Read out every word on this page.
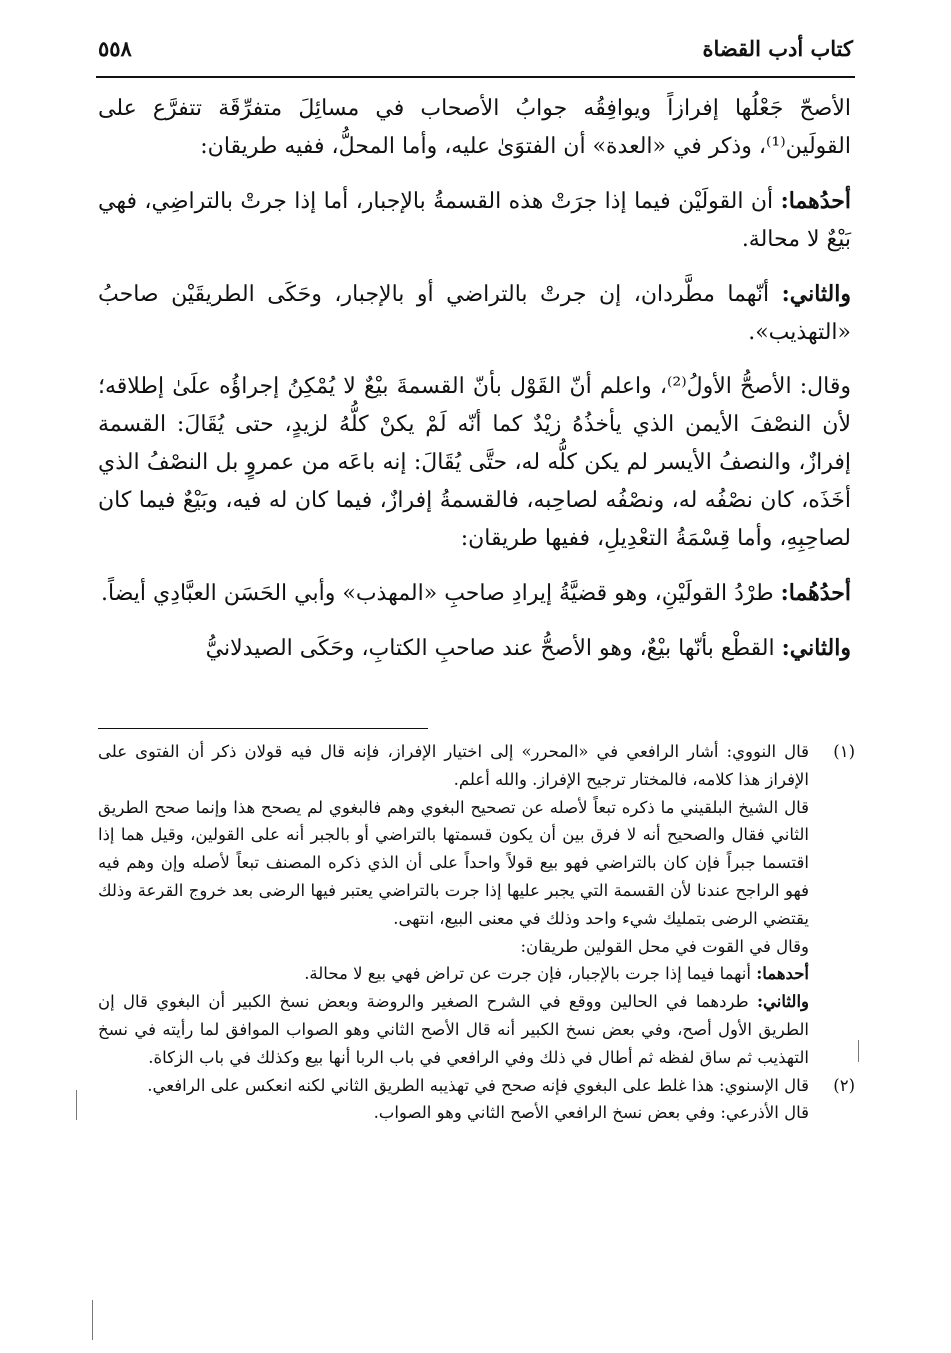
كتاب أدب القضاة
٥٥٨

الأصحّ جَعْلُها إفرازاً ويوافِقُه جوابُ الأصحاب في مسائِلَ متفرِّقَة تتفرَّع على القولَين⁽¹⁾، وذكر في «العدة» أن الفتوَىٰ عليه، وأما المحلُّ، ففيه طريقان:

أحدُهما: أن القولَيْن فيما إذا جرَتْ هذه القسمةُ بالإجبار، أما إذا جرتْ بالتراضِي، فهي بَيْعٌ لا محالة.

والثاني: أنّهما مطَّردان، إن جرتْ بالتراضي أو بالإجبار، وحَكَى الطريقَيْن صاحبُ «التهذيب».

وقال: الأصحُّ الأولُ⁽²⁾، واعلم أنّ القَوْل بأنّ القسمةَ بيْعٌ لا يُمْكِنُ إجراؤُه علَىٰ إطلاقه؛ لأن النصْفَ الأيمن الذي يأخذُهُ زيْدٌ كما أنّه لَمْ يكنْ كلُّهُ لزيدٍ، حتى يُقَالَ: القسمة إفرازٌ، والنصفُ الأيسر لم يكن كلُّه له، حتَّى يُقَالَ: إنه باعَه من عمروٍ بل النصْفُ الذي أخَذَه، كان نصْفُه له، ونصْفُه لصاحِبه، فالقسمةُ إفرازٌ، فيما كان له فيه، وبَيْعٌ فيما كان لصاحِبِهِ، وأما قِسْمَةُ التعْدِيلِ، ففيها طريقان:

أحدُهُما: طرْدُ القولَيْنِ، وهو قضيَّةُ إيرادِ صاحبِ «المهذب» وأبي الحَسَن العبَّادِي أيضاً.

والثاني: القطْع بأنّها بيْعٌ، وهو الأصحُّ عند صاحبِ الكتابِ، وحَكَى الصيدلانيُّ

(١)

قال النووي: أشار الرافعي في «المحرر» إلى اختيار الإفراز، فإنه قال فيه قولان ذكر أن الفتوى على الإفراز هذا كلامه، فالمختار ترجيح الإفراز. والله أعلم.

قال الشيخ البلقيني ما ذكره تبعاً لأصله عن تصحيح البغوي وهم فالبغوي لم يصحح هذا وإنما صحح الطريق الثاني فقال والصحيح أنه لا فرق بين أن يكون قسمتها بالتراضي أو بالجبر أنه على القولين، وقيل هما إذا اقتسما جبراً فإن كان بالتراضي فهو بيع قولاً واحداً على أن الذي ذكره المصنف تبعاً لأصله وإن وهم فيه فهو الراجح عندنا لأن القسمة التي يجبر عليها إذا جرت بالتراضي يعتبر فيها الرضى بعد خروج القرعة وذلك يقتضي الرضى بتمليك شيء واحد وذلك في معنى البيع، انتهى.

وقال في القوت في محل القولين طريقان:

أحدهما: أنهما فيما إذا جرت بالإجبار، فإن جرت عن تراض فهي بيع لا محالة.

والثاني: طردهما في الحالين ووقع في الشرح الصغير والروضة وبعض نسخ الكبير أن البغوي قال إن الطريق الأول أصح، وفي بعض نسخ الكبير أنه قال الأصح الثاني وهو الصواب الموافق لما رأيته في نسخ التهذيب ثم ساق لفظه ثم أطال في ذلك وفي الرافعي في باب الربا أنها بيع وكذلك في باب الزكاة.

(٢)

قال الإسنوي: هذا غلط على البغوي فإنه صحح في تهذيبه الطريق الثاني لكنه انعكس على الرافعي.

قال الأذرعي: وفي بعض نسخ الرافعي الأصح الثاني وهو الصواب.
